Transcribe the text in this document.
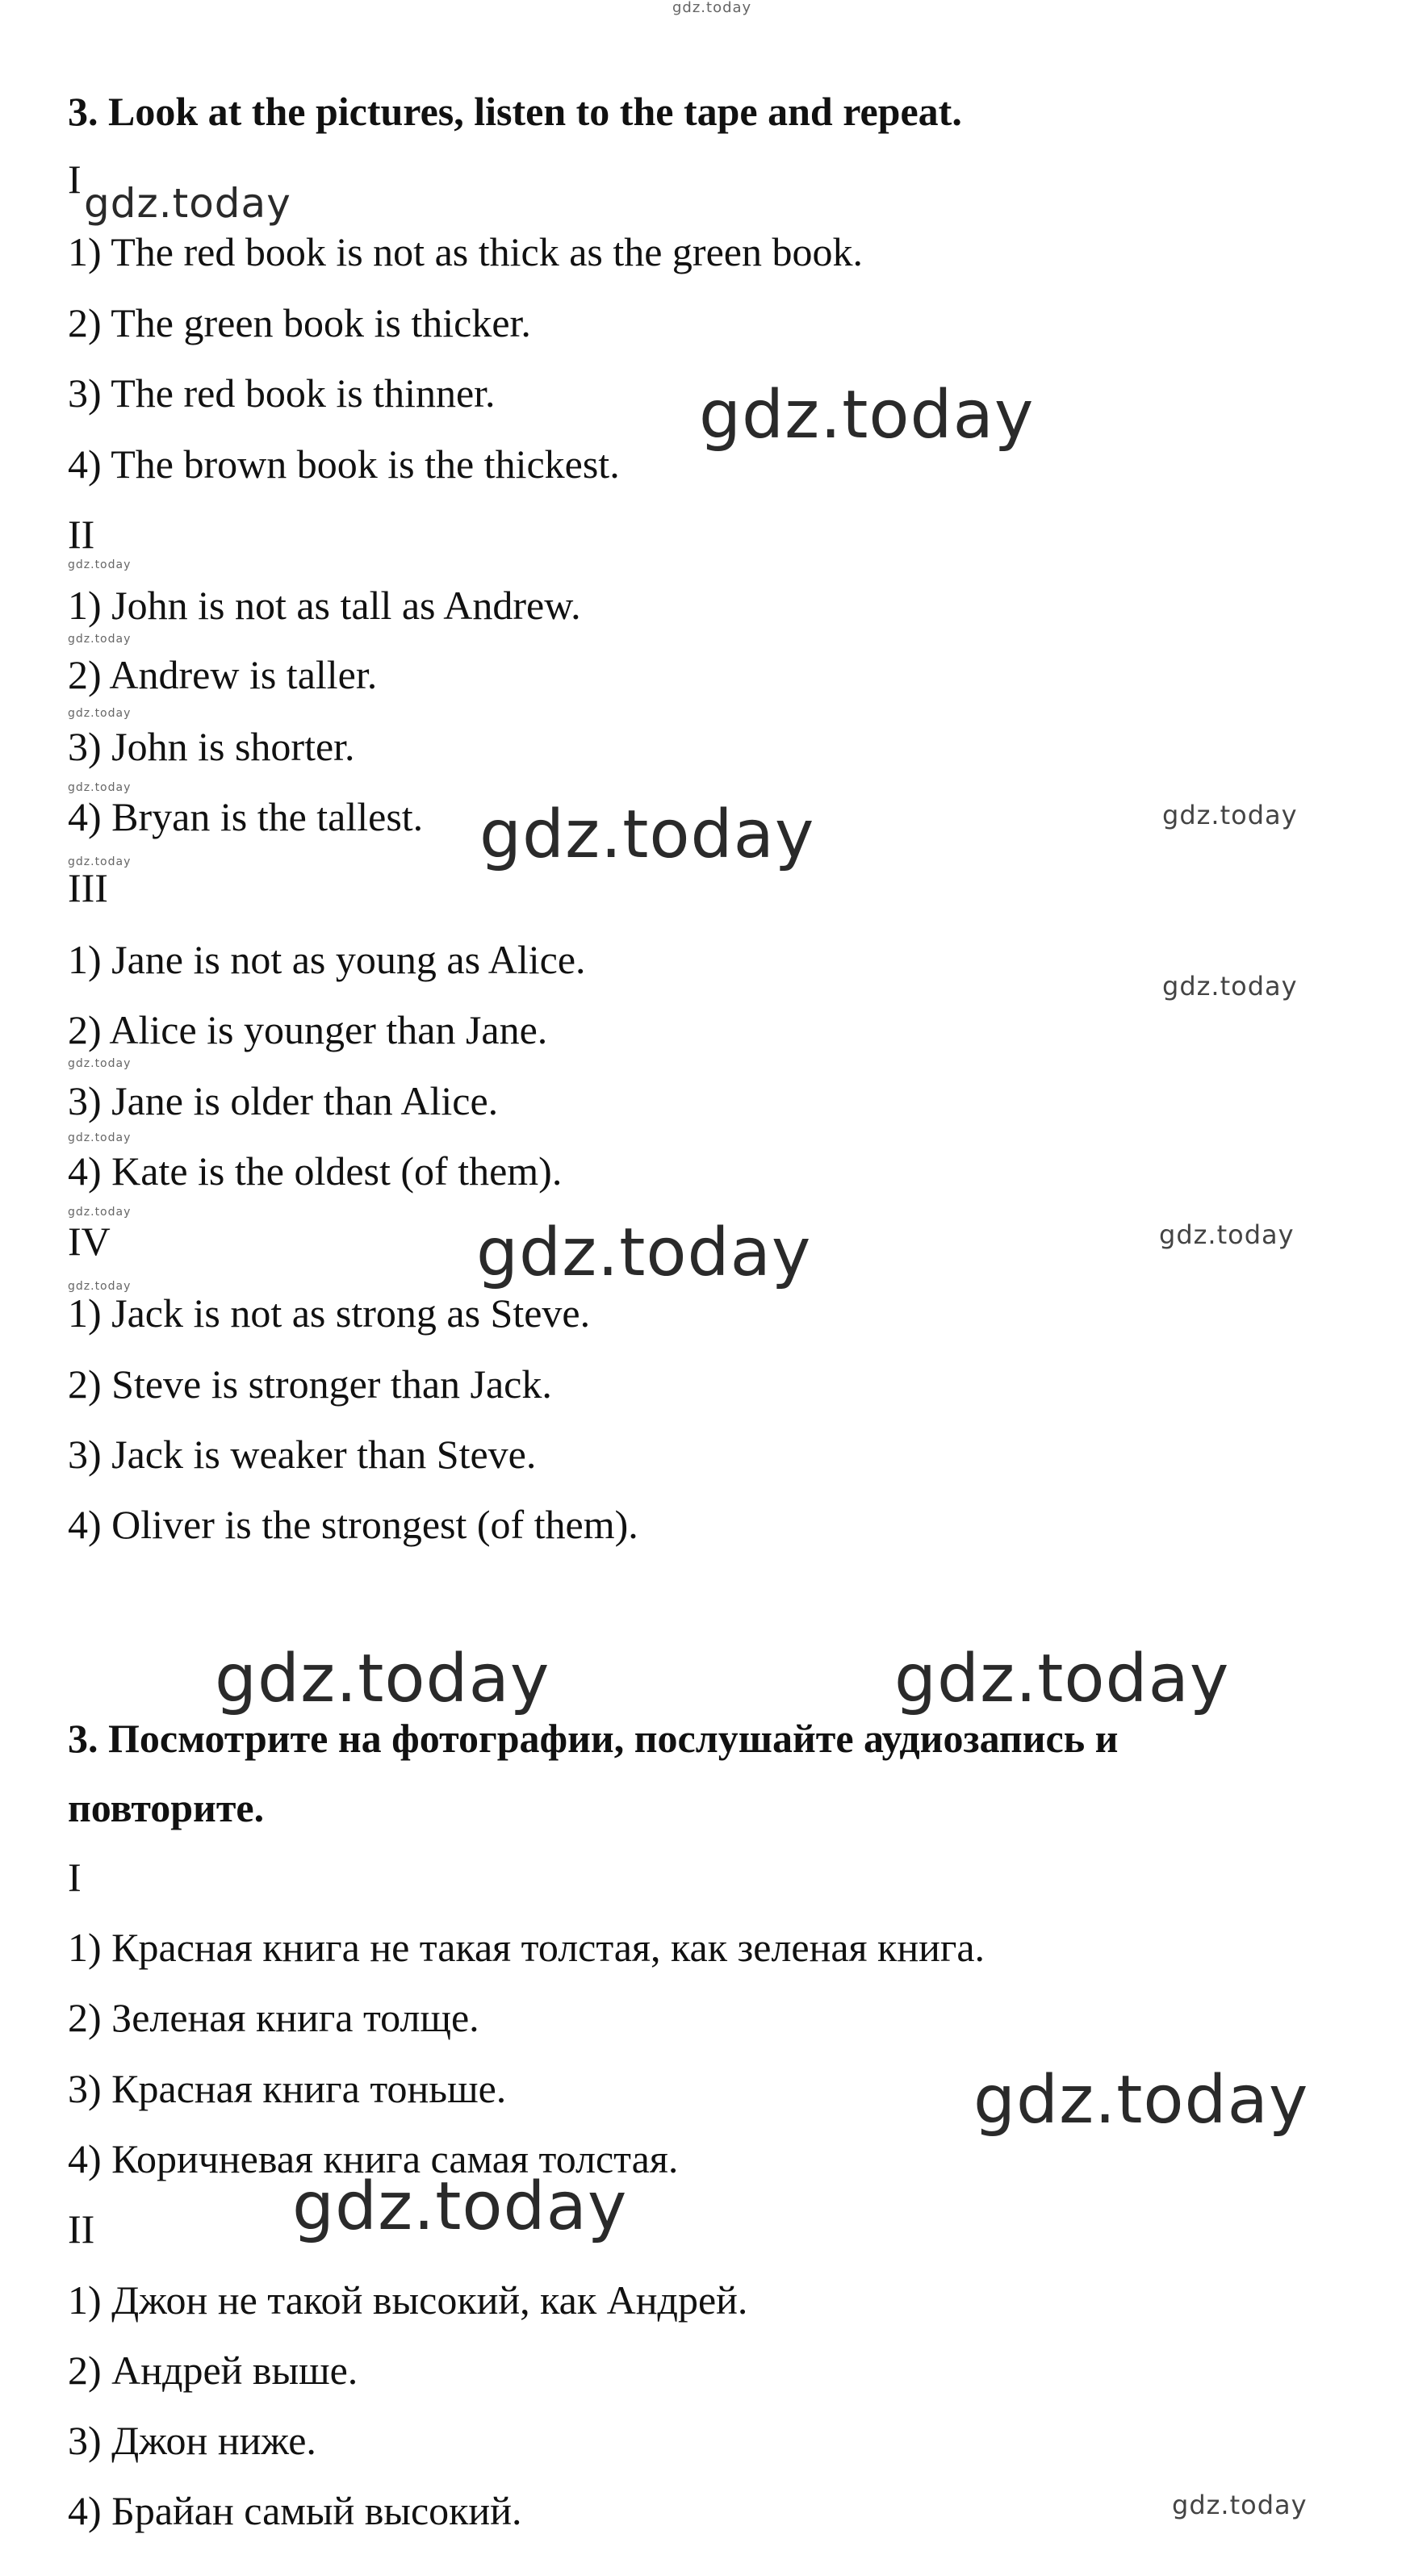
gdz.today
3. Look at the pictures, listen to the tape and repeat.
I
gdz.today
1) The red book is not as thick as the green book.
2) The green book is thicker.
3) The red book is thinner.
4) The brown book is the thickest.
gdz.today
II
gdz.today
1) John is not as tall as Andrew.
gdz.today
2) Andrew is taller.
gdz.today
3) John is shorter.
gdz.today
4) Bryan is the tallest. gdz.today	gdz.today
gdz.today
III
1) Jane is not as young as Alice.
gdz.today
2) Alice is younger than Jane.
gdz.today
3) Jane is older than Alice.
gdz.today
4) Kate is the oldest (of them).
gdz.today
IV	gdz.today	gdz.today
gdz.today
1) Jack is not as strong as Steve.
2) Steve is stronger than Jack.
3) Jack is weaker than Steve.
4) Oliver is the strongest (of them).
gdz.today	gdz.today
3. Посмотрите на фотографии, послушайте аудиозапись и
повторите.
I
1) Красная книга не такая толстая, как зеленая книга.
2) Зеленая книга толще.
3) Красная книга тоньше.	gdz.today
4) Коричневая книга самая толстая.
gdz.today
II
1) Джон не такой высокий, как Андрей.
2) Андрей выше.
3) Джон ниже.
4) Брайан самый высокий.	gdz.today
